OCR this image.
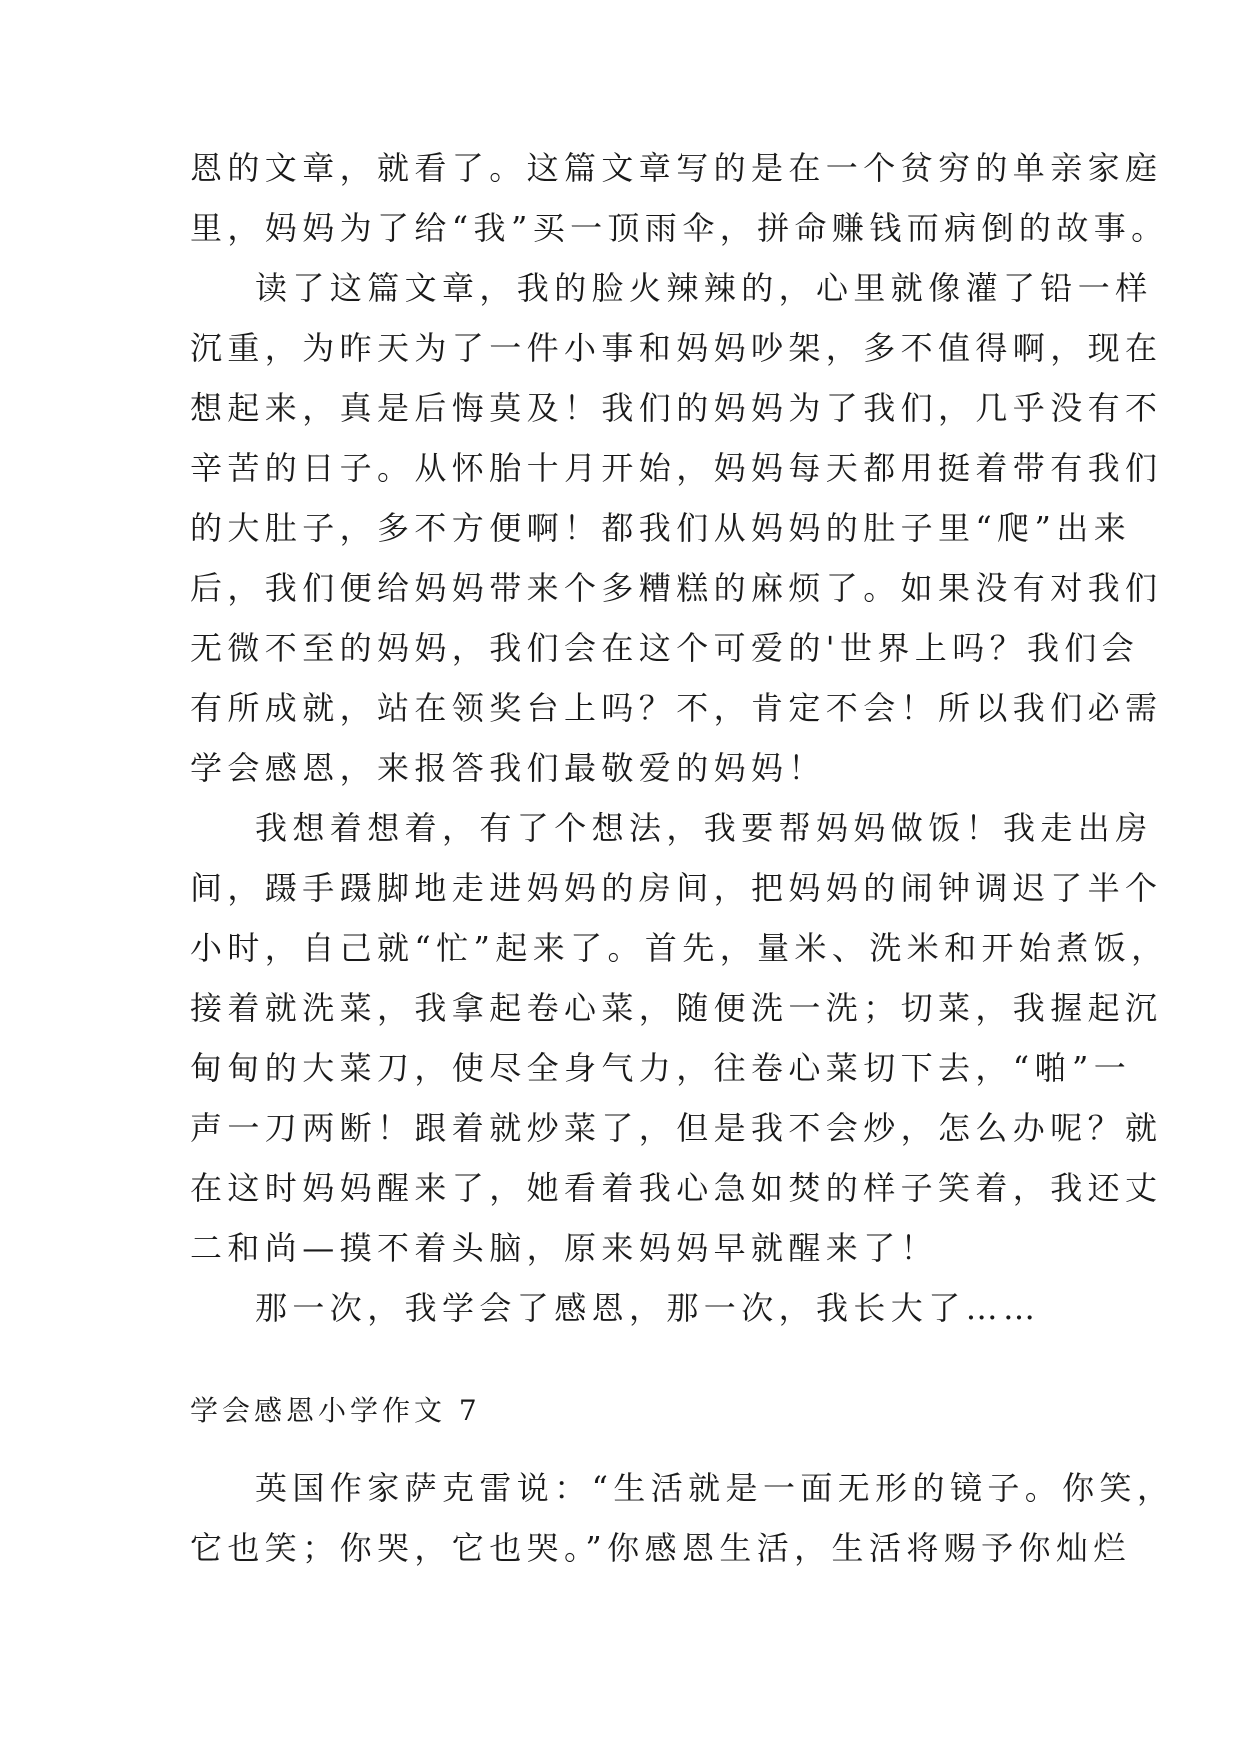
恩的文章，就看了。这篇文章写的是在一个贫穷的单亲家庭
里，妈妈为了给“我”买一顶雨伞，拼命赚钱而病倒的故事。
读了这篇文章，我的脸火辣辣的，心里就像灌了铅一样
沉重，为昨天为了一件小事和妈妈吵架，多不值得啊，现在
想起来，真是后悔莫及！我们的妈妈为了我们，几乎没有不
辛苦的日子。从怀胎十月开始，妈妈每天都用挺着带有我们
的大肚子，多不方便啊！都我们从妈妈的肚子里“爬”出来
后，我们便给妈妈带来个多糟糕的麻烦了。如果没有对我们
无微不至的妈妈，我们会在这个可爱的'世界上吗？我们会
有所成就，站在领奖台上吗？不，肯定不会！所以我们必需
学会感恩，来报答我们最敬爱的妈妈！
我想着想着，有了个想法，我要帮妈妈做饭！我走出房
间，蹑手蹑脚地走进妈妈的房间，把妈妈的闹钟调迟了半个
小时，自己就“忙”起来了。首先，量米、洗米和开始煮饭，
接着就洗菜，我拿起卷心菜，随便洗一洗；切菜，我握起沉
甸甸的大菜刀，使尽全身气力，往卷心菜切下去，“啪”一
声一刀两断！跟着就炒菜了，但是我不会炒，怎么办呢？就
在这时妈妈醒来了，她看着我心急如焚的样子笑着，我还丈
二和尚—摸不着头脑，原来妈妈早就醒来了！
那一次，我学会了感恩，那一次，我长大了……
学会感恩小学作文 7
英国作家萨克雷说：“生活就是一面无形的镜子。你笑，
它也笑；你哭，它也哭。”你感恩生活，生活将赐予你灿烂
